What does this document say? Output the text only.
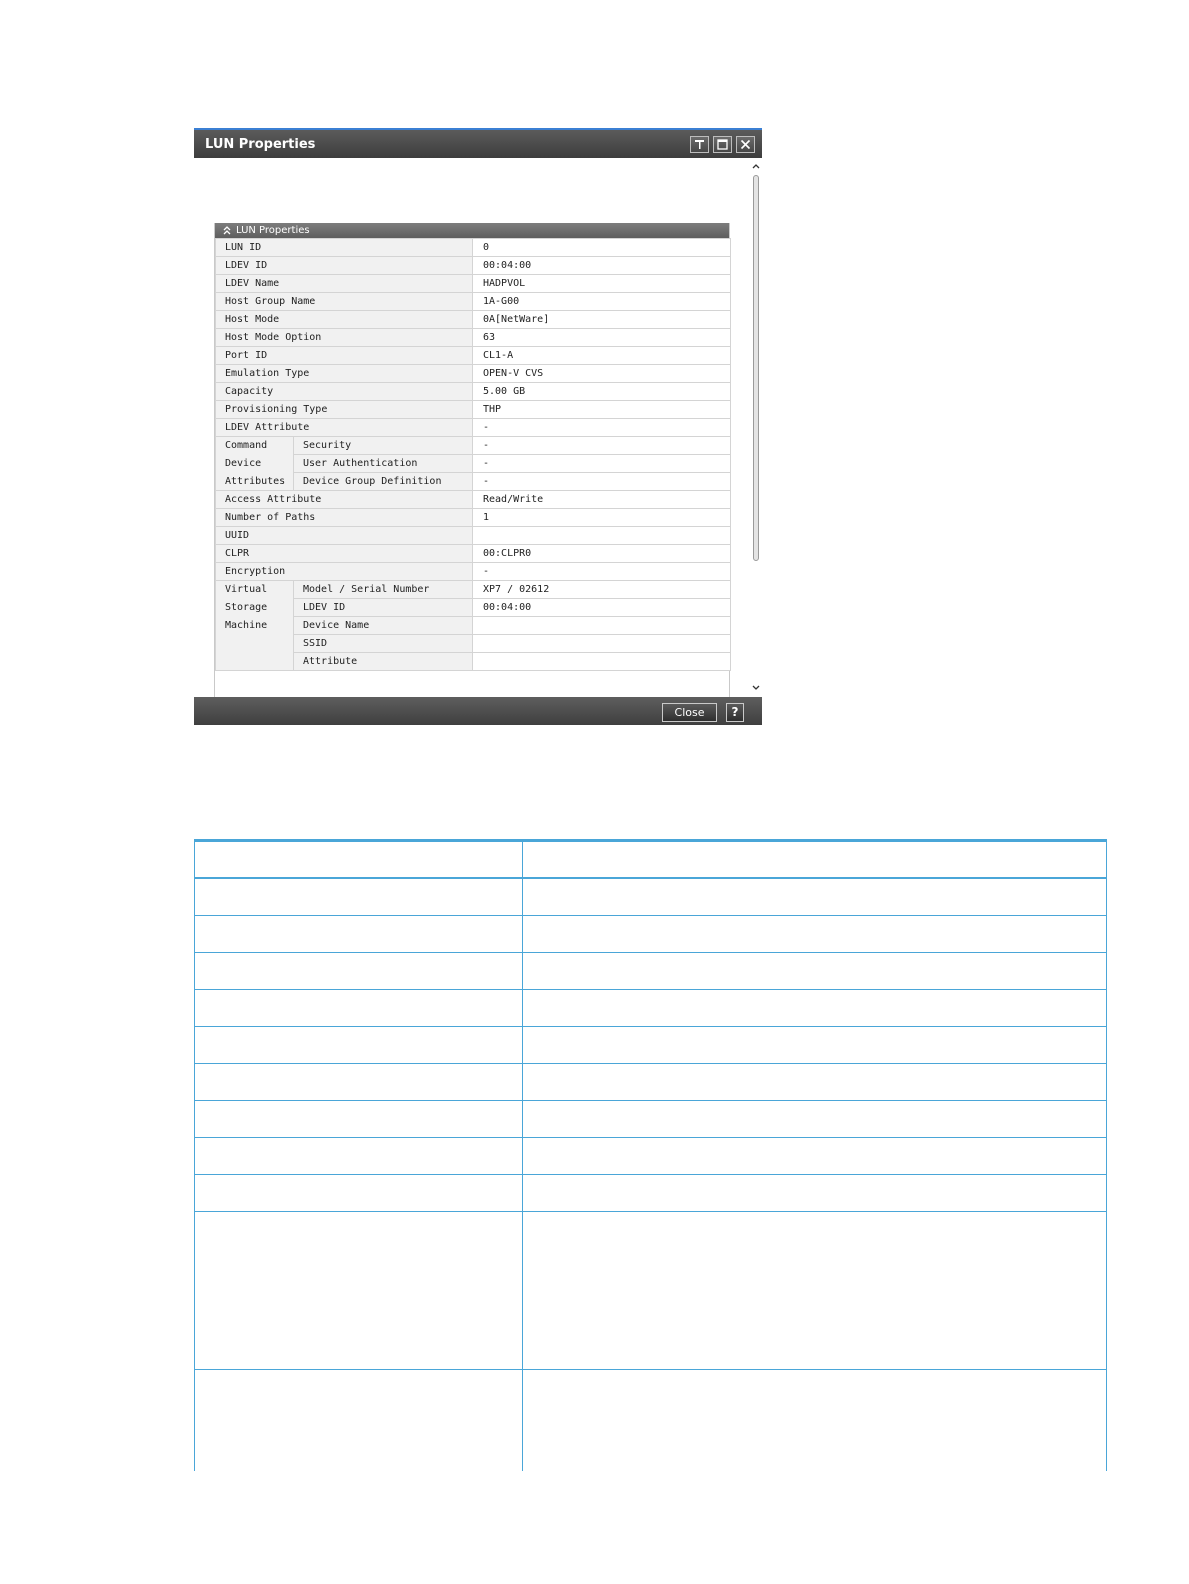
LUN Properties
LUN Properties
LUN ID		0
LDEV ID		00:04:00
LDEV Name		HADPVOL
Host Group Name		1A-G00
Host Mode		0A[NetWare]
Host Mode Option		63
Port ID		CL1-A
Emulation Type		OPEN-V CVS
Capacity		5.00 GB
Provisioning Type		THP
LDEV Attribute		-
Command	Security	-
Device	User Authentication	-
Attributes	Device Group Definition	-
Access Attribute		Read/Write
Number of Paths		1
UUID		
CLPR		00:CLPR0
Encryption		-
Virtual	Model / Serial Number	XP7 / 02612
Storage	LDEV ID	00:04:00
Machine	Device Name	
	SSID	
	Attribute	
Close	?
